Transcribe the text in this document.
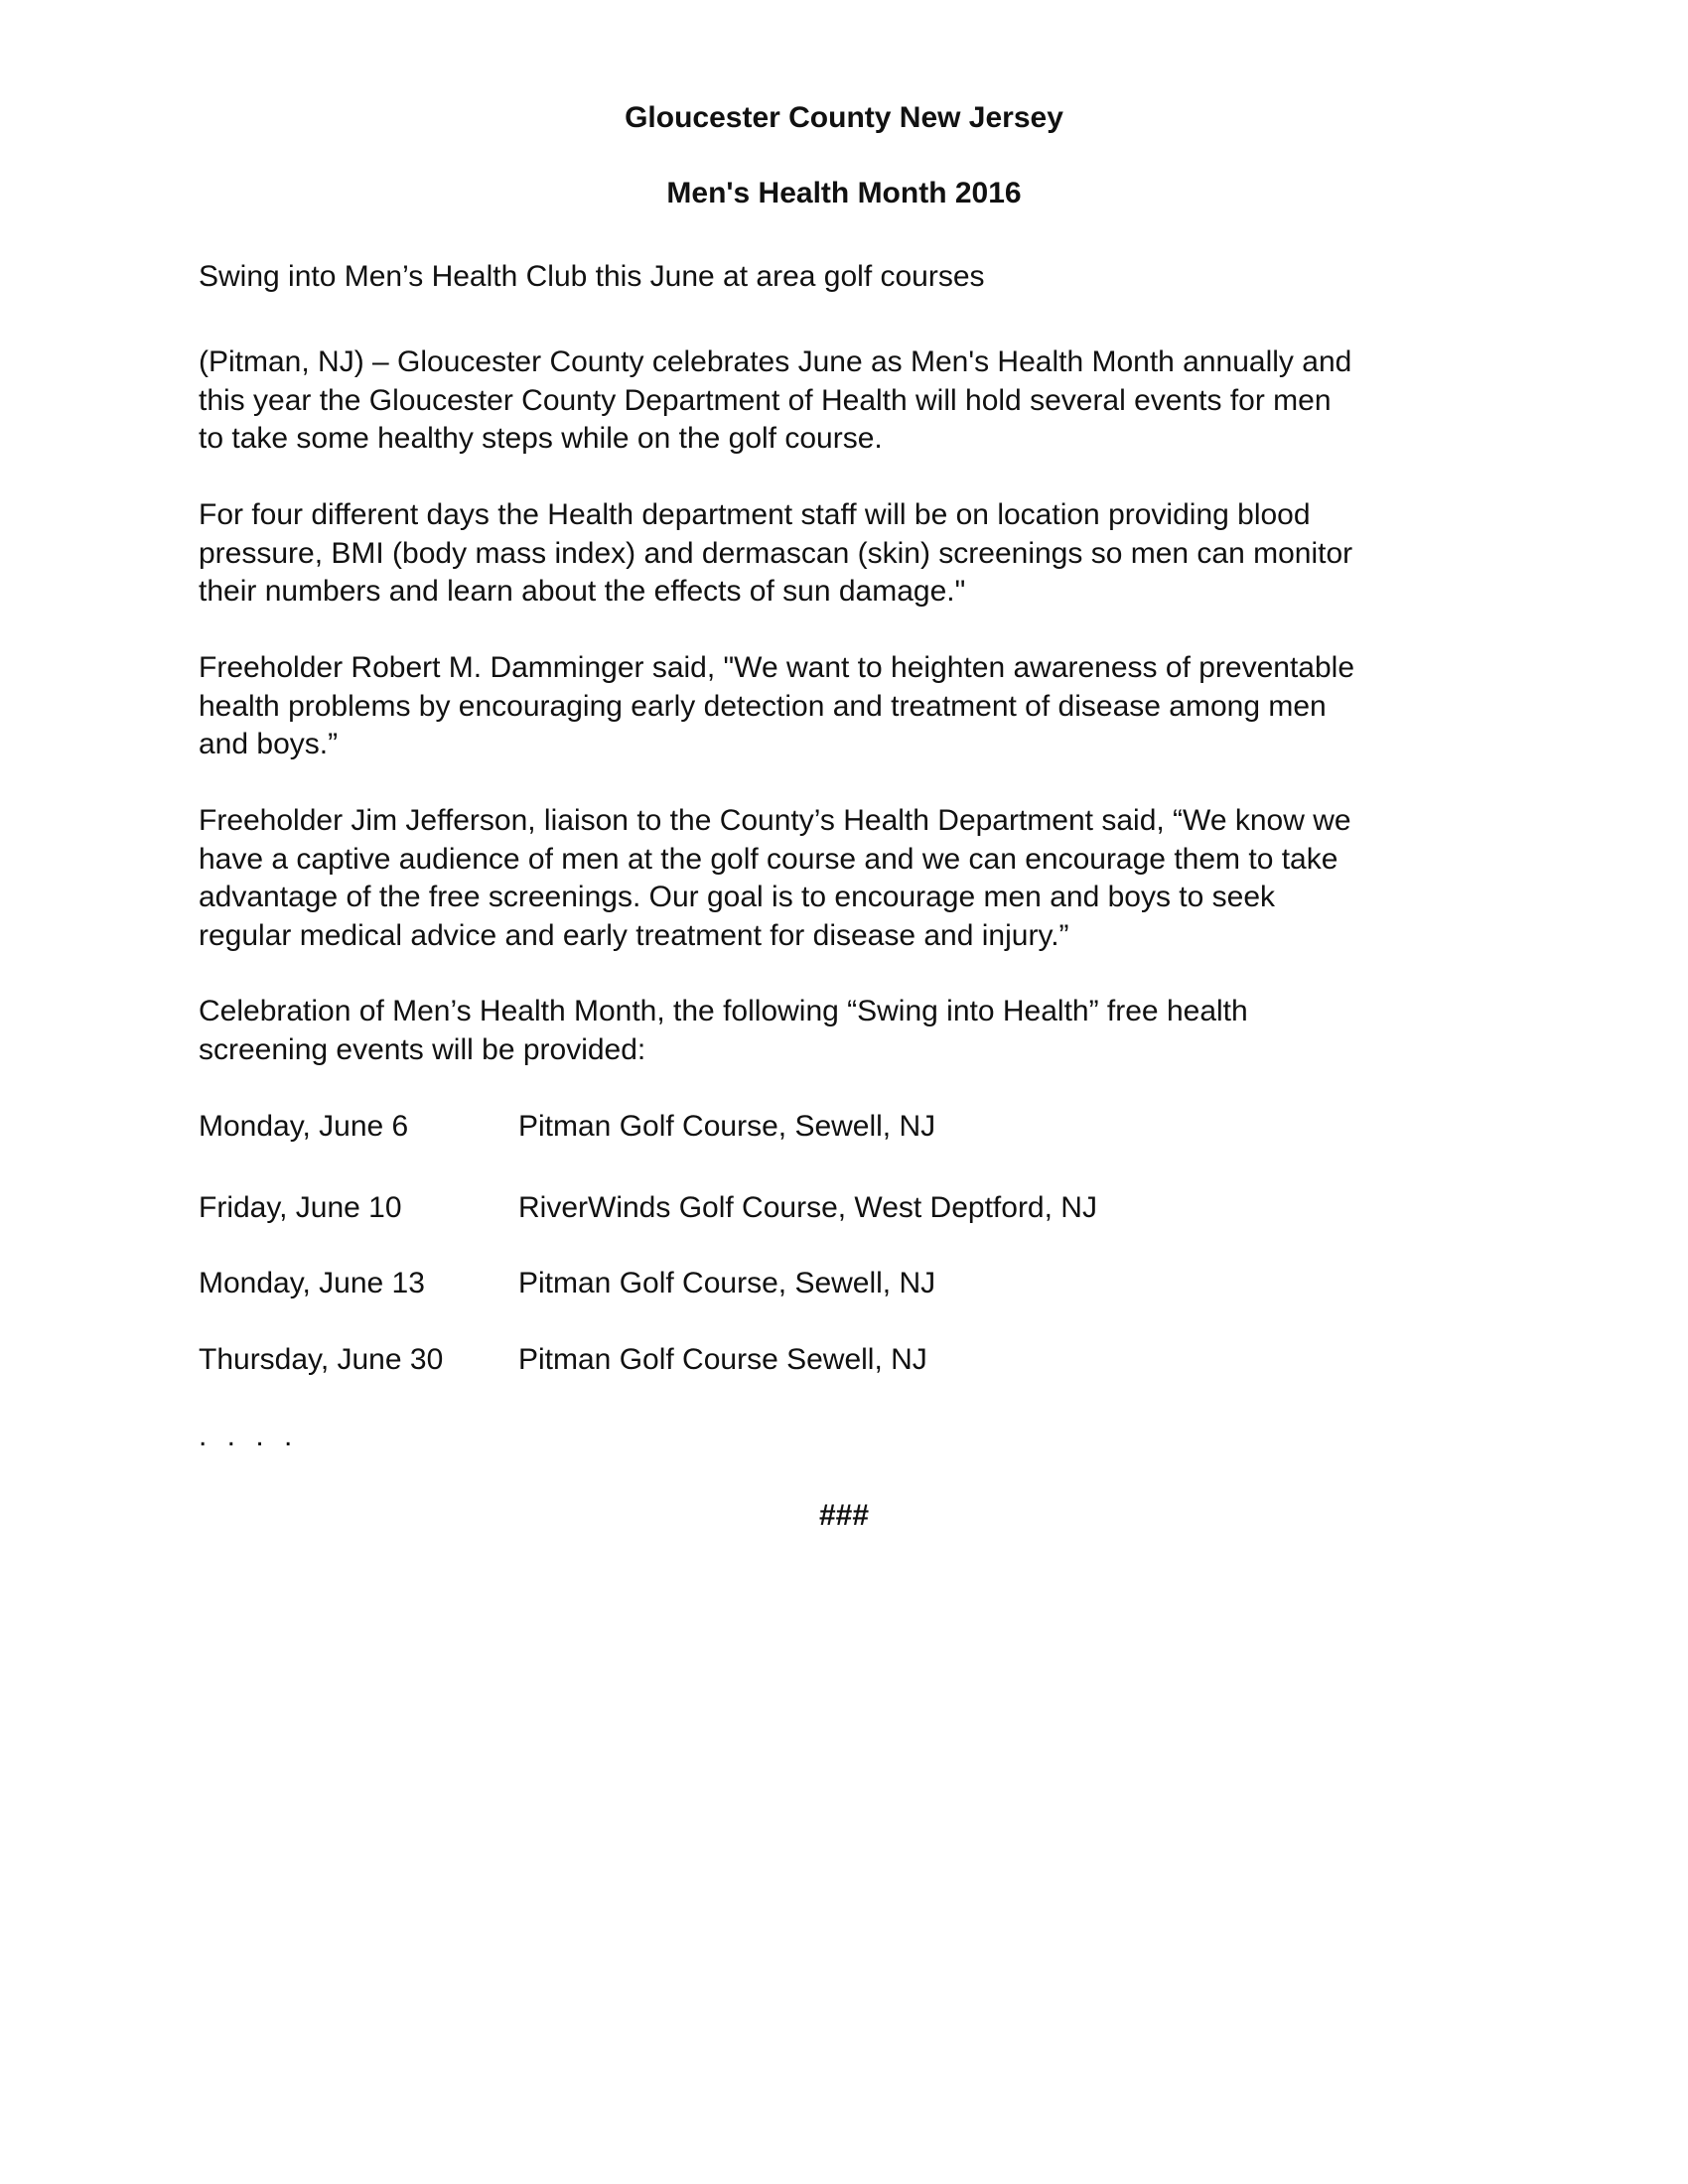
Gloucester County New Jersey
Men's Health Month 2016

Swing into Men’s Health Club this June at area golf courses

(Pitman, NJ) – Gloucester County celebrates June as Men's Health Month annually and
this year the Gloucester County Department of Health will hold several events for men
to take some healthy steps while on the golf course.

For four different days the Health department staff will be on location providing blood
pressure, BMI (body mass index) and dermascan (skin) screenings so men can monitor
their numbers and learn about the effects of sun damage."

Freeholder Robert M. Damminger said, "We want to heighten awareness of preventable
health problems by encouraging early detection and treatment of disease among men
and boys.”

Freeholder Jim Jefferson, liaison to the County’s Health Department said, “We know we
have a captive audience of men at the golf course and we can encourage them to take
advantage of the free screenings. Our goal is to encourage men and boys to seek
regular medical advice and early treatment for disease and injury.”

Celebration of Men’s Health Month, the following “Swing into Health” free health
screening events will be provided:

Monday, June 6	Pitman Golf Course, Sewell, NJ
Friday, June 10	RiverWinds Golf Course, West Deptford, NJ
Monday, June 13	Pitman Golf Course, Sewell, NJ
Thursday, June 30	Pitman Golf Course Sewell, NJ
. . . .
###
